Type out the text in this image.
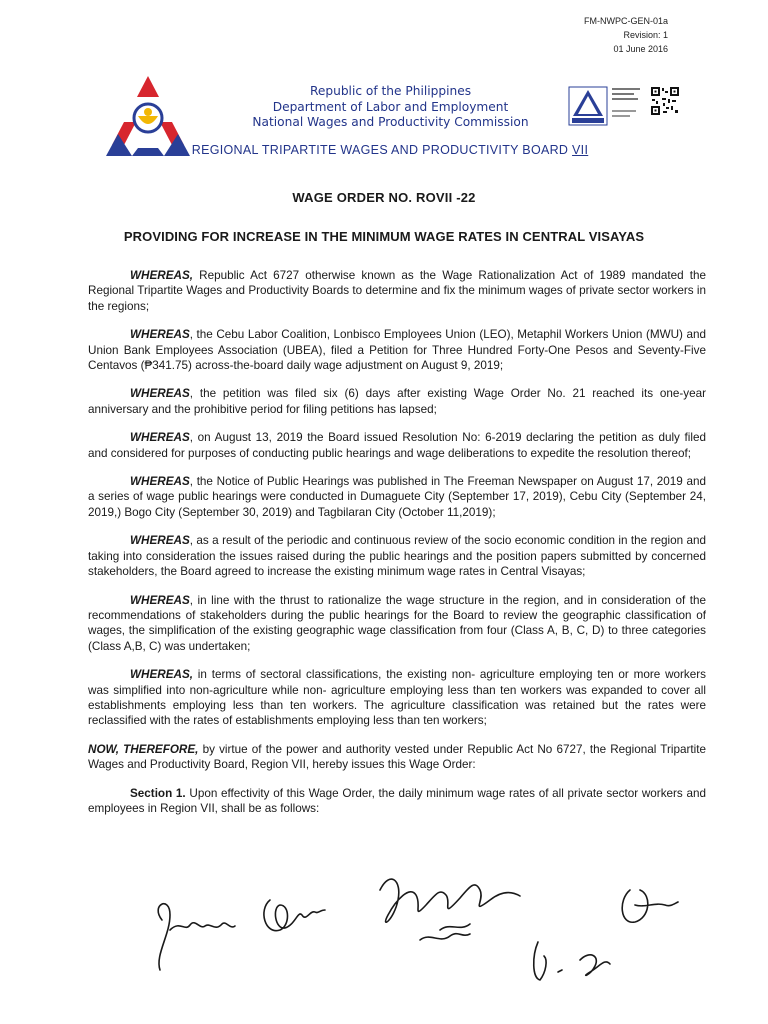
FM-NWPC-GEN-01a
Revision: 1
01 June 2016
Republic of the Philippines
Department of Labor and Employment
National Wages and Productivity Commission
REGIONAL TRIPARTITE WAGES AND PRODUCTIVITY BOARD VII
WAGE ORDER NO. ROVII -22
PROVIDING FOR INCREASE IN THE MINIMUM WAGE RATES IN CENTRAL VISAYAS

WHEREAS, Republic Act 6727 otherwise known as the Wage Rationalization Act of 1989 mandated the Regional Tripartite Wages and Productivity Boards to determine and fix the minimum wages of private sector workers in the regions;

WHEREAS, the Cebu Labor Coalition, Lonbisco Employees Union (LEO), Metaphil Workers Union (MWU) and Union Bank Employees Association (UBEA), filed a Petition for Three Hundred Forty-One Pesos and Seventy-Five Centavos (₱341.75) across-the-board daily wage adjustment on August 9, 2019;

WHEREAS, the petition was filed six (6) days after existing Wage Order No. 21 reached its one-year anniversary and the prohibitive period for filing petitions has lapsed;

WHEREAS, on August 13, 2019 the Board issued Resolution No: 6-2019 declaring the petition as duly filed and considered for purposes of conducting public hearings and wage deliberations to expedite the resolution thereof;

WHEREAS, the Notice of Public Hearings was published in The Freeman Newspaper on August 17, 2019 and a series of wage public hearings were conducted in Dumaguete City (September 17, 2019), Cebu City (September 24, 2019,) Bogo City (September 30, 2019) and Tagbilaran City (October 11,2019);

WHEREAS, as a result of the periodic and continuous review of the socio economic condition in the region and taking into consideration the issues raised during the public hearings and the position papers submitted by concerned stakeholders, the Board agreed to increase the existing minimum wage rates in Central Visayas;

WHEREAS, in line with the thrust to rationalize the wage structure in the region, and in consideration of the recommendations of stakeholders during the public hearings for the Board to review the geographic classification of wages, the simplification of the existing geographic wage classification from four (Class A, B, C, D) to three categories (Class A,B, C) was undertaken;

WHEREAS, in terms of sectoral classifications, the existing non- agriculture employing ten or more workers was simplified into non-agriculture while non- agriculture employing less than ten workers was expanded to cover all establishments employing less than ten workers. The agriculture classification was retained but the rates were reclassified with the rates of establishments employing less than ten workers;

NOW, THEREFORE, by virtue of the power and authority vested under Republic Act No 6727, the Regional Tripartite Wages and Productivity Board, Region VII, hereby issues this Wage Order:

Section 1. Upon effectivity of this Wage Order, the daily minimum wage rates of all private sector workers and employees in Region VII, shall be as follows:
